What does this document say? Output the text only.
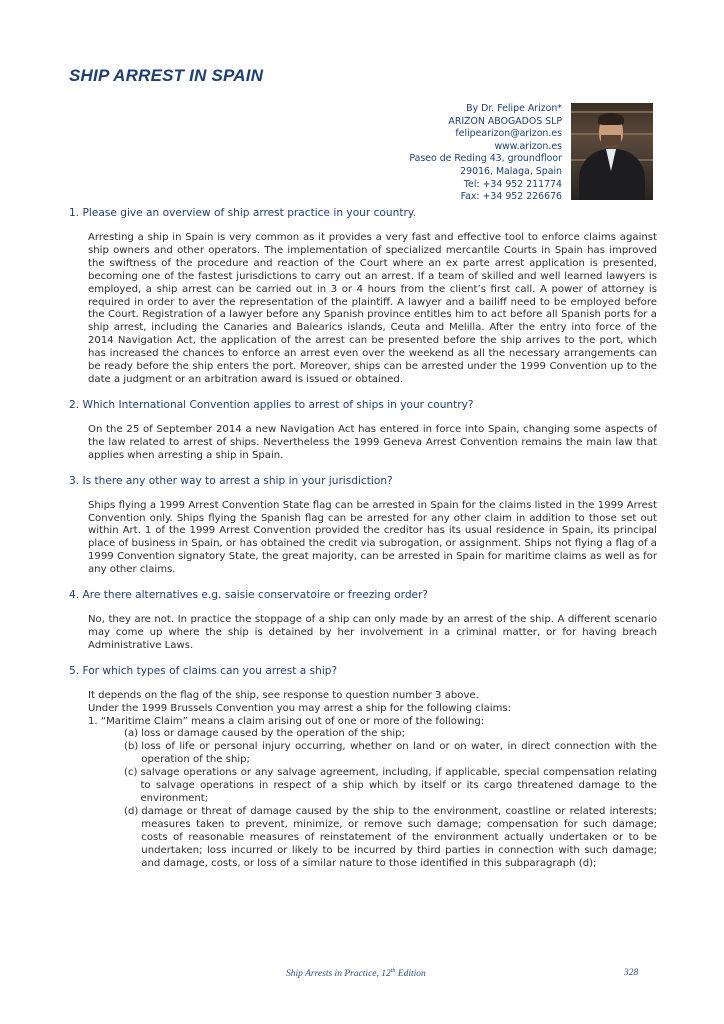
SHIP ARREST IN SPAIN
By Dr. Felipe Arizon*
ARIZON ABOGADOS SLP
felipearizon@arizon.es
www.arizon.es
Paseo de Reding 43, groundfloor
29016, Malaga, Spain
Tel: +34 952 211774
Fax: +34 952 226676
1. Please give an overview of ship arrest practice in your country.
Arresting a ship in Spain is very common as it provides a very fast and effective tool to enforce claims against ship owners and other operators. The implementation of specialized mercantile Courts in Spain has improved the swiftness of the procedure and reaction of the Court where an ex parte arrest application is presented, becoming one of the fastest jurisdictions to carry out an arrest. If a team of skilled and well learned lawyers is employed, a ship arrest can be carried out in 3 or 4 hours from the client’s first call. A power of attorney is required in order to aver the representation of the plaintiff. A lawyer and a bailiff need to be employed before the Court. Registration of a lawyer before any Spanish province entitles him to act before all Spanish ports for a ship arrest, including the Canaries and Balearics islands, Ceuta and Melilla. After the entry into force of the 2014 Navigation Act, the application of the arrest can be presented before the ship arrives to the port, which has increased the chances to enforce an arrest even over the weekend as all the necessary arrangements can be ready before the ship enters the port. Moreover, ships can be arrested under the 1999 Convention up to the date a judgment or an arbitration award is issued or obtained.
2. Which International Convention applies to arrest of ships in your country?
On the 25 of September 2014 a new Navigation Act has entered in force into Spain, changing some aspects of the law related to arrest of ships. Nevertheless the 1999 Geneva Arrest Convention remains the main law that applies when arresting a ship in Spain.
3. Is there any other way to arrest a ship in your jurisdiction?
Ships flying a 1999 Arrest Convention State flag can be arrested in Spain for the claims listed in the 1999 Arrest Convention only. Ships flying the Spanish flag can be arrested for any other claim in addition to those set out within Art. 1 of the 1999 Arrest Convention provided the creditor has its usual residence in Spain, its principal place of business in Spain, or has obtained the credit via subrogation, or assignment. Ships not flying a flag of a 1999 Convention signatory State, the great majority, can be arrested in Spain for maritime claims as well as for any other claims.
4. Are there alternatives e.g. saisie conservatoire or freezing order?
No, they are not. In practice the stoppage of a ship can only made by an arrest of the ship. A different scenario may come up where the ship is detained by her involvement in a criminal matter, or for having breach Administrative Laws.
5. For which types of claims can you arrest a ship?
It depends on the flag of the ship, see response to question number 3 above.
Under the 1999 Brussels Convention you may arrest a ship for the following claims:
1. “Maritime Claim” means a claim arising out of one or more of the following:
(a) loss or damage caused by the operation of the ship;
(b) loss of life or personal injury occurring, whether on land or on water, in direct connection with the operation of the ship;
(c) salvage operations or any salvage agreement, including, if applicable, special compensation relating to salvage operations in respect of a ship which by itself or its cargo threatened damage to the environment;
(d) damage or threat of damage caused by the ship to the environment, coastline or related interests; measures taken to prevent, minimize, or remove such damage; compensation for such damage; costs of reasonable measures of reinstatement of the environment actually undertaken or to be undertaken; loss incurred or likely to be incurred by third parties in connection with such damage; and damage, costs, or loss of a similar nature to those identified in this subparagraph (d);
Ship Arrests in Practice, 12th Edition	328
